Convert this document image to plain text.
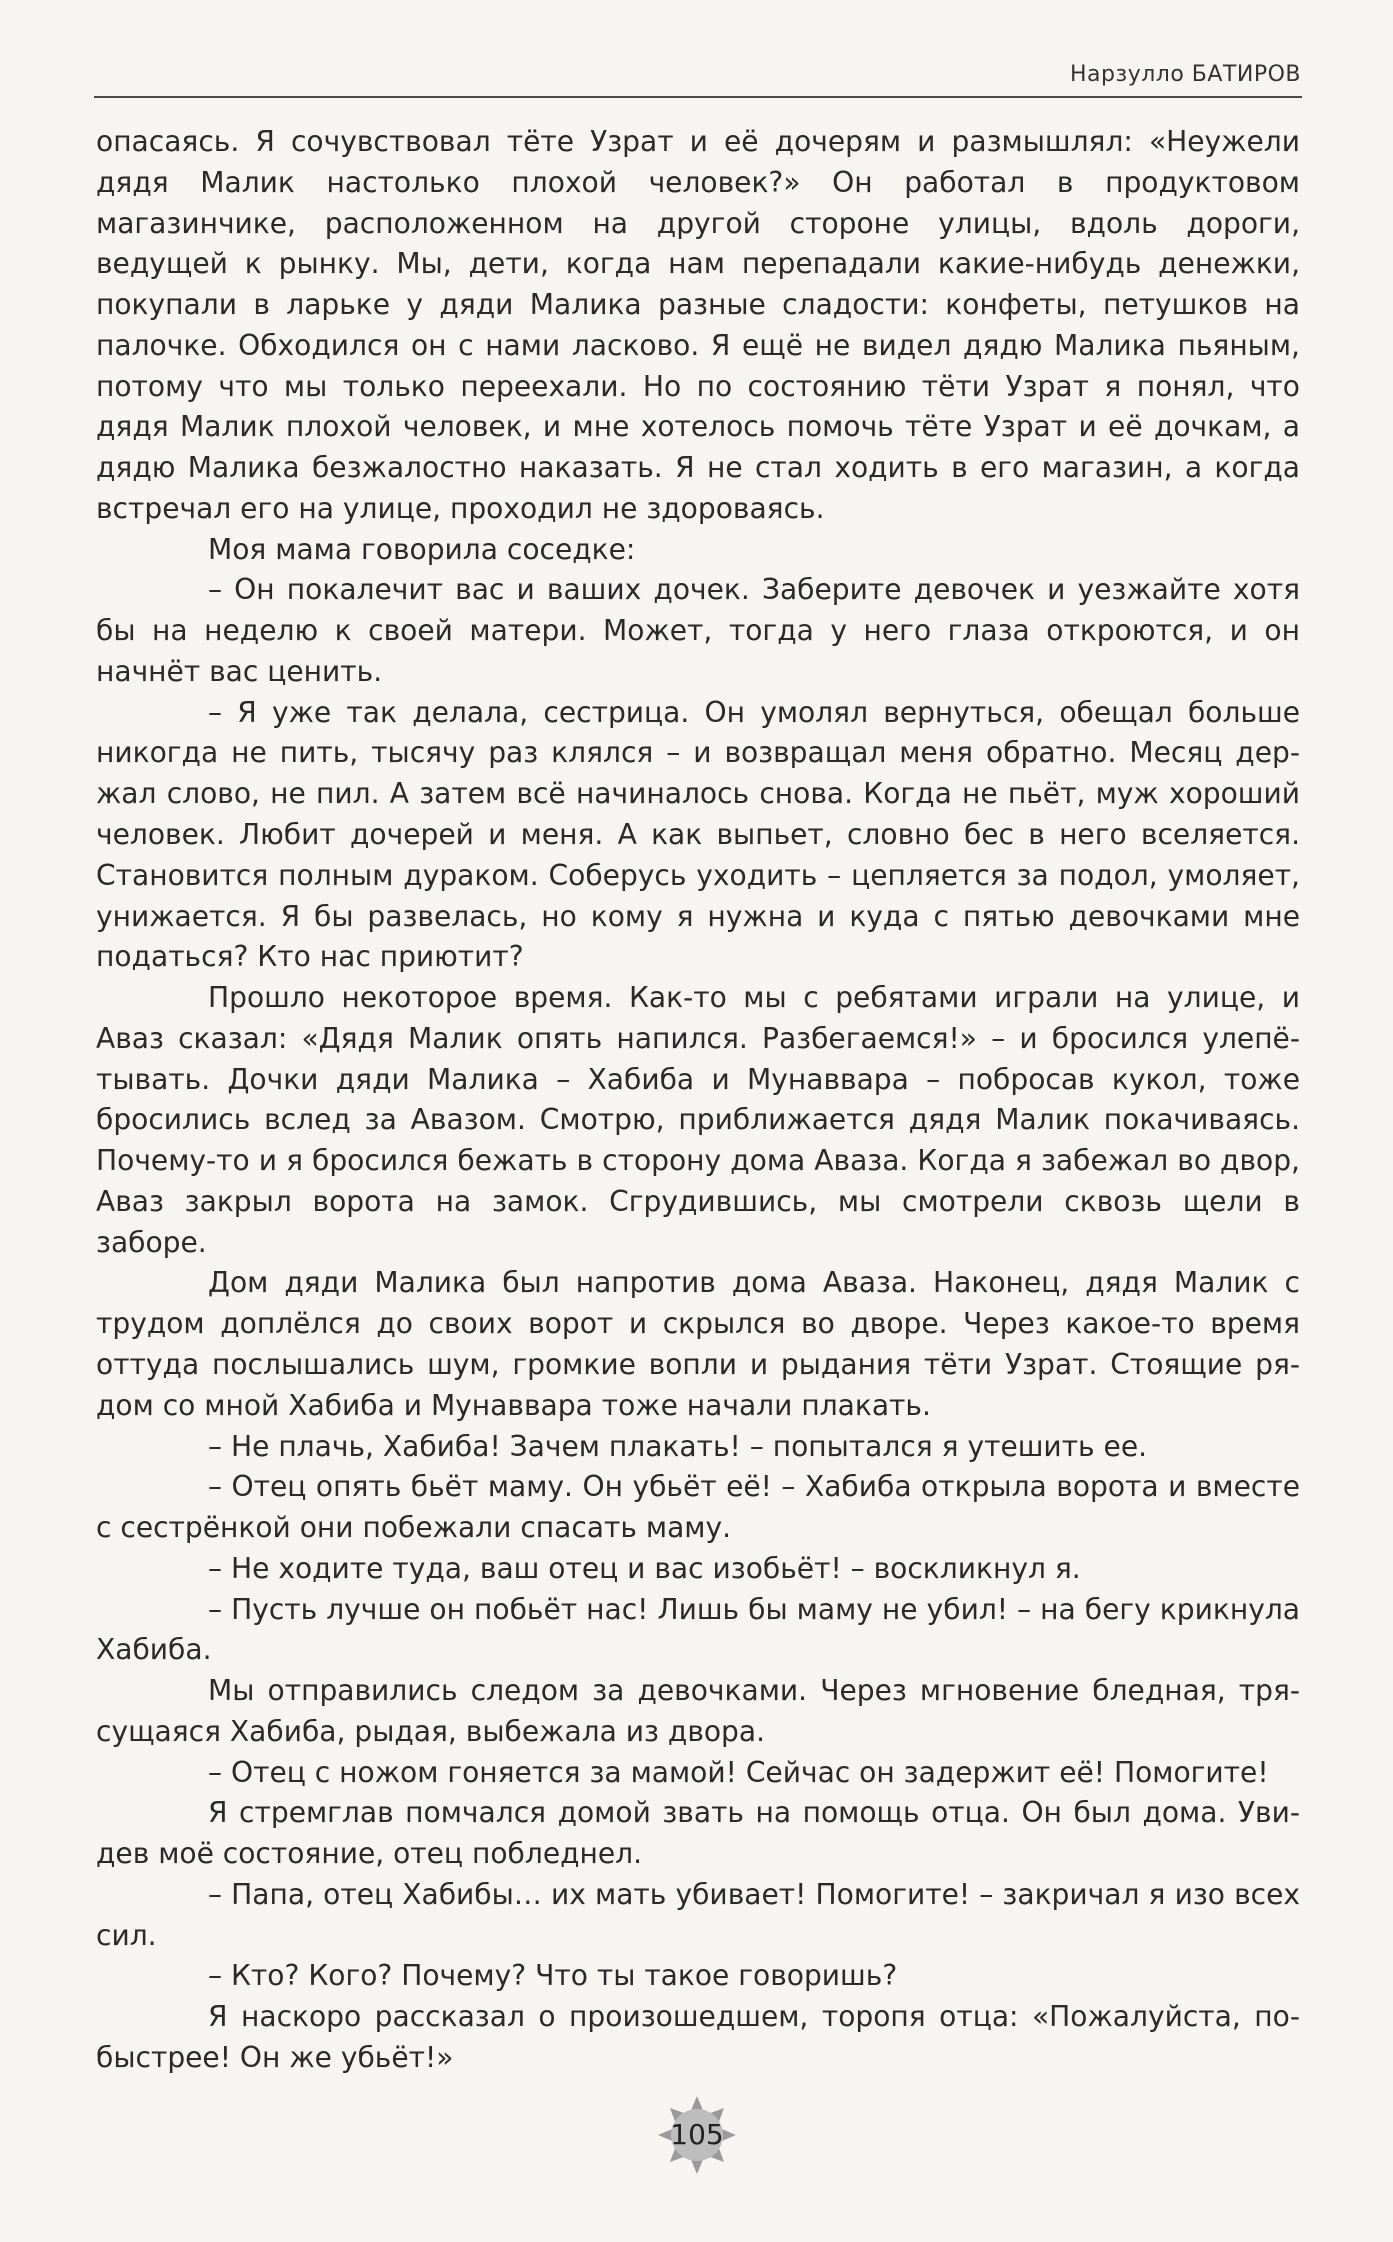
Нарзулло БАТИРОВ

опасаясь. Я сочувствовал тёте Узрат и её дочерям и размышлял: «Неужели дядя Малик настолько плохой человек?» Он работал в продуктовом магазинчике, расположенном на другой стороне улицы, вдоль дороги, ведущей к рынку. Мы, дети, когда нам перепадали какие-нибудь денежки, покупали в ларьке у дяди Малика разные сладости: конфеты, петушков на палочке. Обходился он с нами ласково. Я ещё не видел дядю Малика пьяным, потому что мы только переехали. Но по состоянию тёти Узрат я понял, что дядя Малик плохой человек, и мне хотелось помочь тёте Узрат и её дочкам, а дядю Малика безжалостно наказать. Я не стал ходить в его магазин, а когда встречал его на улице, проходил не здороваясь.

Моя мама говорила соседке:

– Он покалечит вас и ваших дочек. Заберите девочек и уезжайте хотя бы на неделю к своей матери. Может, тогда у него глаза откроются, и он начнёт вас ценить.

– Я уже так делала, сестрица. Он умолял вернуться, обещал больше никогда не пить, тысячу раз клялся – и возвращал меня обратно. Месяц держал слово, не пил. А затем всё начиналось снова. Когда не пьёт, муж хороший человек. Любит дочерей и меня. А как выпьет, словно бес в него вселяется. Становится полным дураком. Соберусь уходить – цепляется за подол, умоляет, унижается. Я бы развелась, но кому я нужна и куда с пятью девочками мне податься? Кто нас приютит?

Прошло некоторое время. Как-то мы с ребятами играли на улице, и Аваз сказал: «Дядя Малик опять напился. Разбегаемся!» – и бросился улепётывать. Дочки дяди Малика – Хабиба и Мунаввара – побросав кукол, тоже бросились вслед за Авазом. Смотрю, приближается дядя Малик покачиваясь. Почему-то и я бросился бежать в сторону дома Аваза. Когда я забежал во двор, Аваз закрыл ворота на замок. Сгрудившись, мы смотрели сквозь щели в заборе.

Дом дяди Малика был напротив дома Аваза. Наконец, дядя Малик с трудом доплёлся до своих ворот и скрылся во дворе. Через какое-то время оттуда послышались шум, громкие вопли и рыдания тёти Узрат. Стоящие рядом со мной Хабиба и Мунаввара тоже начали плакать.

– Не плачь, Хабиба! Зачем плакать! – попытался я утешить ее.

– Отец опять бьёт маму. Он убьёт её! – Хабиба открыла ворота и вместе с сестрёнкой они побежали спасать маму.

– Не ходите туда, ваш отец и вас изобьёт! – воскликнул я.

– Пусть лучше он побьёт нас! Лишь бы маму не убил! – на бегу крикнула Хабиба.

Мы отправились следом за девочками. Через мгновение бледная, трясущаяся Хабиба, рыдая, выбежала из двора.

– Отец с ножом гоняется за мамой! Сейчас он задержит её! Помогите!

Я стремглав помчался домой звать на помощь отца. Он был дома. Увидев моё состояние, отец побледнел.

– Папа, отец Хабибы… их мать убивает! Помогите! – закричал я изо всех сил.

– Кто? Кого? Почему? Что ты такое говоришь?

Я наскоро рассказал о произошедшем, торопя отца: «Пожалуйста, побыстрее! Он же убьёт!»

105
